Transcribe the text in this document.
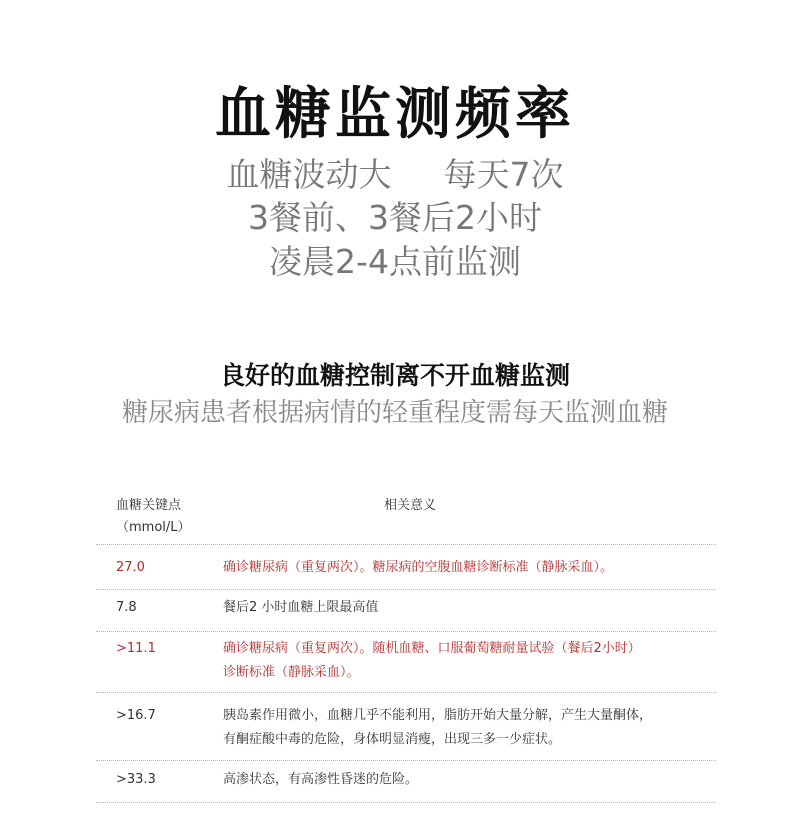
血糖监测频率
血糖波动大 每天7次
3餐前、3餐后2小时
凌晨2-4点前监测
良好的血糖控制离不开血糖监测
糖尿病患者根据病情的轻重程度需每天监测血糖
血糖关键点
（mmol/L）
相关意义
27.0	确诊糖尿病（重复两次）。糖尿病的空腹血糖诊断标准（静脉采血）。
7.8	餐后2 小时血糖上限最高值
>11.1	确诊糖尿病（重复两次）。随机血糖、口服葡萄糖耐量试验（餐后2小时）
诊断标准（静脉采血）。
>16.7	胰岛素作用微小，血糖几乎不能利用，脂肪开始大量分解，产生大量酮体，
有酮症酸中毒的危险，身体明显消瘦，出现三多一少症状。
>33.3	高渗状态，有高渗性昏迷的危险。
